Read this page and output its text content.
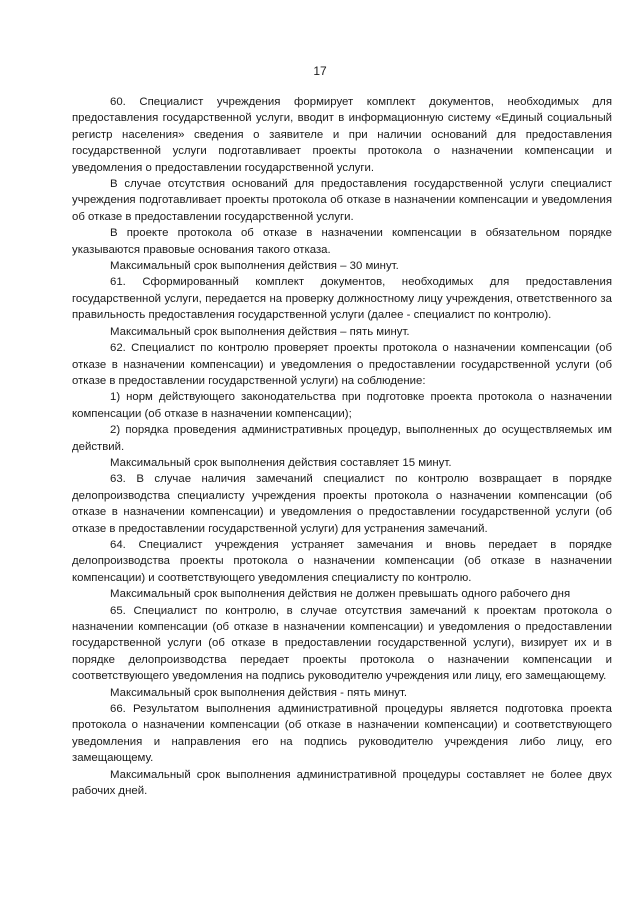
17

60. Специалист учреждения формирует комплект документов, необходимых для предоставления государственной услуги, вводит в информационную систему «Единый социальный регистр населения» сведения о заявителе и при наличии оснований для предоставления государственной услуги подготавливает проекты протокола о назначении компенсации и уведомления о предоставлении государственной услуги.

В случае отсутствия оснований для предоставления государственной услуги специалист учреждения подготавливает проекты протокола об отказе в назначении компенсации и уведомления об отказе в предоставлении государственной услуги.

В проекте протокола об отказе в назначении компенсации в обязательном порядке указываются правовые основания такого отказа.

Максимальный срок выполнения действия – 30 минут.

61. Сформированный комплект документов, необходимых для предоставления государственной услуги, передается на проверку должностному лицу учреждения, ответственного за правильность предоставления государственной услуги (далее - специалист по контролю).

Максимальный срок выполнения действия – пять минут.

62. Специалист по контролю проверяет проекты протокола о назначении компенсации (об отказе в назначении компенсации) и уведомления о предоставлении государственной услуги (об отказе в предоставлении государственной услуги) на соблюдение:

1) норм действующего законодательства при подготовке проекта протокола о назначении компенсации (об отказе в назначении компенсации);

2) порядка проведения административных процедур, выполненных до осуществляемых им действий.

Максимальный срок выполнения действия составляет 15 минут.

63. В случае наличия замечаний специалист по контролю возвращает в порядке делопроизводства специалисту учреждения проекты протокола о назначении компенсации (об отказе в назначении компенсации) и уведомления о предоставлении государственной услуги (об отказе в предоставлении государственной услуги) для устранения замечаний.

64. Специалист учреждения устраняет замечания и вновь передает в порядке делопроизводства проекты протокола о назначении компенсации (об отказе в назначении компенсации) и соответствующего уведомления специалисту по контролю.

Максимальный срок выполнения действия не должен превышать одного рабочего дня

65. Специалист по контролю, в случае отсутствия замечаний к проектам протокола о назначении компенсации (об отказе в назначении компенсации) и уведомления о предоставлении государственной услуги (об отказе в предоставлении государственной услуги), визирует их и в порядке делопроизводства передает проекты протокола о назначении компенсации и соответствующего уведомления на подпись руководителю учреждения или лицу, его замещающему.

Максимальный срок выполнения действия - пять минут.

66. Результатом выполнения административной процедуры является подготовка проекта протокола о назначении компенсации (об отказе в назначении компенсации) и соответствующего уведомления и направления его на подпись руководителю учреждения либо лицу, его замещающему.

Максимальный срок выполнения административной процедуры составляет не более двух рабочих дней.
